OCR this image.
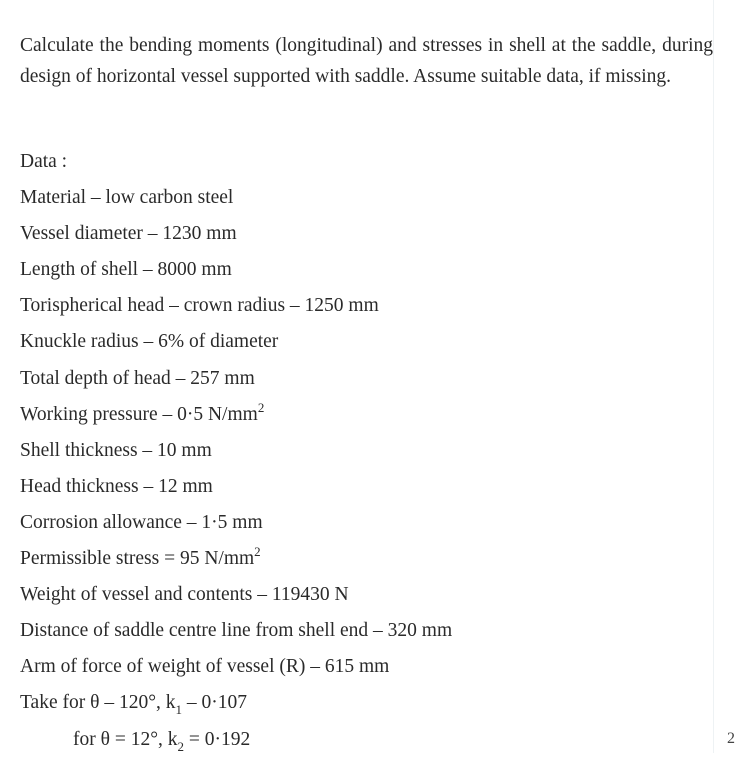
Calculate the bending moments (longitudinal) and stresses in shell at the saddle, during design of horizontal vessel supported with saddle. Assume suitable data, if missing.

Data :
Material – low carbon steel
Vessel diameter – 1230 mm
Length of shell – 8000 mm
Torispherical head – crown radius – 1250 mm
Knuckle radius – 6% of diameter
Total depth of head – 257 mm
Working pressure – 0·5 $N/mm^2$
Shell thickness – 10 mm
Head thickness – 12 mm
Corrosion allowance – 1·5 mm
Permissible stress = 95 $N/mm^2$
Weight of vessel and contents – 119430 N
Distance of saddle centre line from shell end – 320 mm
Arm of force of weight of vessel (R) – 615 mm
Take for θ – 120°, $k_1 - 0\cdot 107$
for θ = 12°, $k_2 = 0\cdot 192$	2
